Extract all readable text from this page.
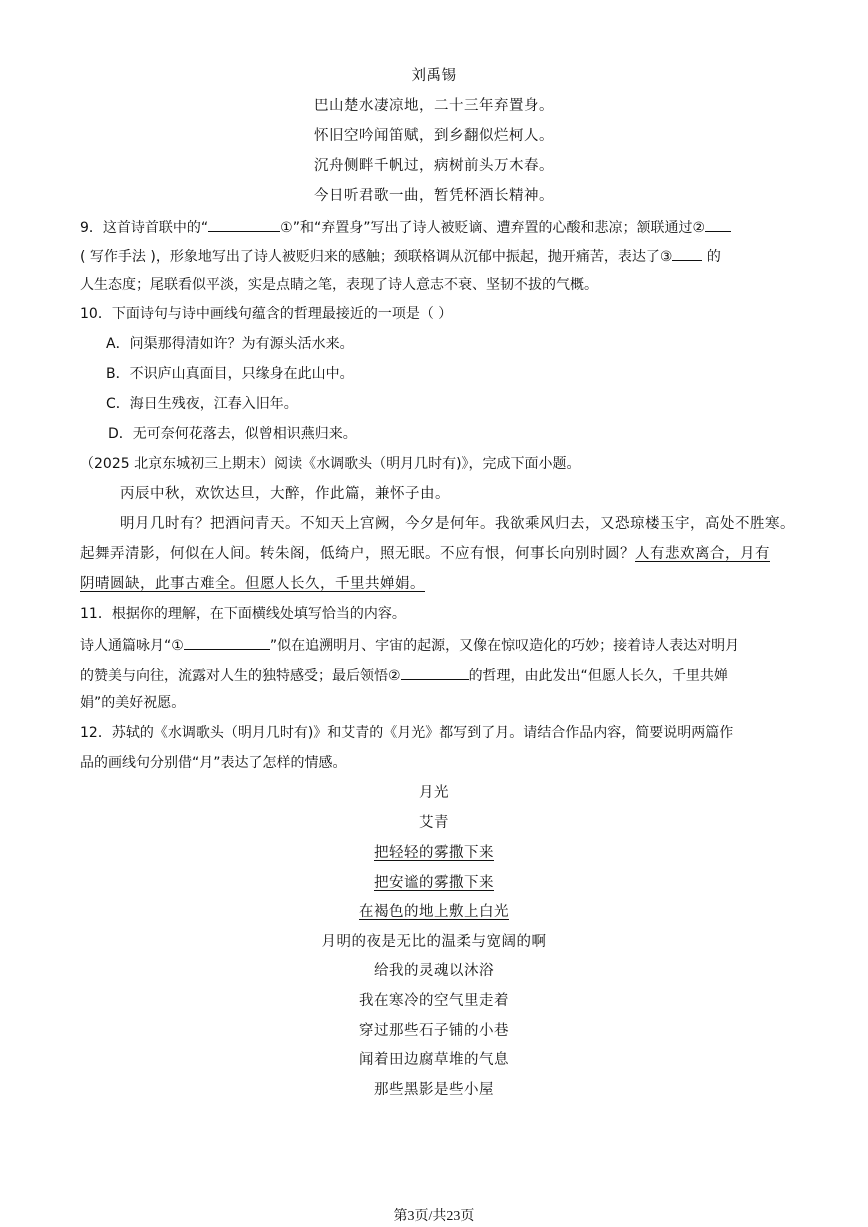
刘禹锡
巴山楚水凄凉地，二十三年弃置身。
怀旧空吟闻笛赋，到乡翻似烂柯人。
沉舟侧畔千帆过，病树前头万木春。
今日听君歌一曲，暂凭杯酒长精神。
9．这首诗首联中的“	①”和“弃置身”写出了诗人被贬谪、遭弃置的心酸和悲凉；颔联通过②
( 写作手法 )，形象地写出了诗人被贬归来的感触；颈联格调从沉郁中振起，抛开痛苦，表达了③ 的
人生态度；尾联看似平淡，实是点睛之笔，表现了诗人意志不衰、坚韧不拔的气概。
10．下面诗句与诗中画线句蕴含的哲理最接近的一项是（ ）
A．问渠那得清如许？为有源头活水来。
B．不识庐山真面目，只缘身在此山中。
C．海日生残夜，江春入旧年。
D．无可奈何花落去，似曾相识燕归来。
（2025 北京东城初三上期末）阅读《水调歌头（明月几时有)》，完成下面小题。
丙辰中秋，欢饮达旦，大醉，作此篇，兼怀子由。
明月几时有？把酒问青天。不知天上宫阙，今夕是何年。我欲乘风归去，又恐琼楼玉宇，高处不胜寒。
起舞弄清影，何似在人间。转朱阁，低绮户，照无眠。不应有恨，何事长向别时圆？人有悲欢离合，月有
阴晴圆缺，此事古难全。但愿人长久，千里共婵娟。
11．根据你的理解，在下面横线处填写恰当的内容。
诗人通篇咏月“①	”似在追溯明月、宇宙的起源，又像在惊叹造化的巧妙；接着诗人表达对明月
的赞美与向往，流露对人生的独特感受；最后领悟②	的哲理，由此发出“但愿人长久，千里共婵
娟”的美好祝愿。
12．苏轼的《水调歌头（明月几时有)》和艾青的《月光》都写到了月。请结合作品内容，简要说明两篇作
品的画线句分别借“月”表达了怎样的情感。
月光
艾青
把轻轻的雾撒下来
把安谧的雾撒下来
在褐色的地上敷上白光
月明的夜是无比的温柔与宽阔的啊
给我的灵魂以沐浴
我在寒冷的空气里走着
穿过那些石子铺的小巷
闻着田边腐草堆的气息
那些黑影是些小屋
第3页/共23页
